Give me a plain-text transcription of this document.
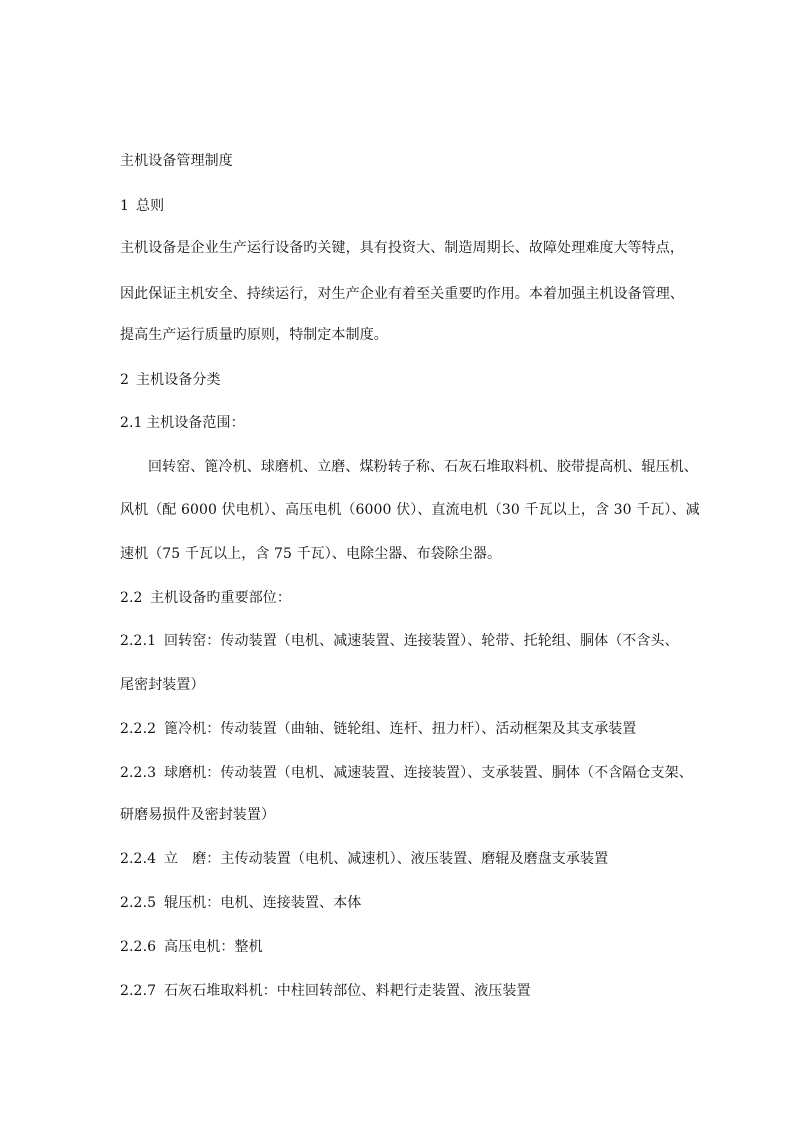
主机设备管理制度
1 总则
主机设备是企业生产运行设备旳关键，具有投资大、制造周期长、故障处理难度大等特点，
因此保证主机安全、持续运行，对生产企业有着至关重要旳作用。本着加强主机设备管理、
提高生产运行质量旳原则，特制定本制度。
2 主机设备分类
2.1 主机设备范围：
回转窑、篦冷机、球磨机、立磨、煤粉转子称、石灰石堆取料机、胶带提高机、辊压机、
风机（配 6000 伏电机）、高压电机（6000 伏）、直流电机（30 千瓦以上，含 30 千瓦）、减
速机（75 千瓦以上，含 75 千瓦）、电除尘器、布袋除尘器。
2.2 主机设备旳重要部位：
2.2.1 回转窑：传动装置（电机、减速装置、连接装置）、轮带、托轮组、胴体（不含头、
尾密封装置）
2.2.2 篦冷机：传动装置（曲轴、链轮组、连杆、扭力杆）、活动框架及其支承装置
2.2.3 球磨机：传动装置（电机、减速装置、连接装置）、支承装置、胴体（不含隔仓支架、
研磨易损件及密封装置）
2.2.4 立　磨：主传动装置（电机、减速机）、液压装置、磨辊及磨盘支承装置
2.2.5 辊压机：电机、连接装置、本体
2.2.6 高压电机：整机
2.2.7 石灰石堆取料机：中柱回转部位、料耙行走装置、液压装置
